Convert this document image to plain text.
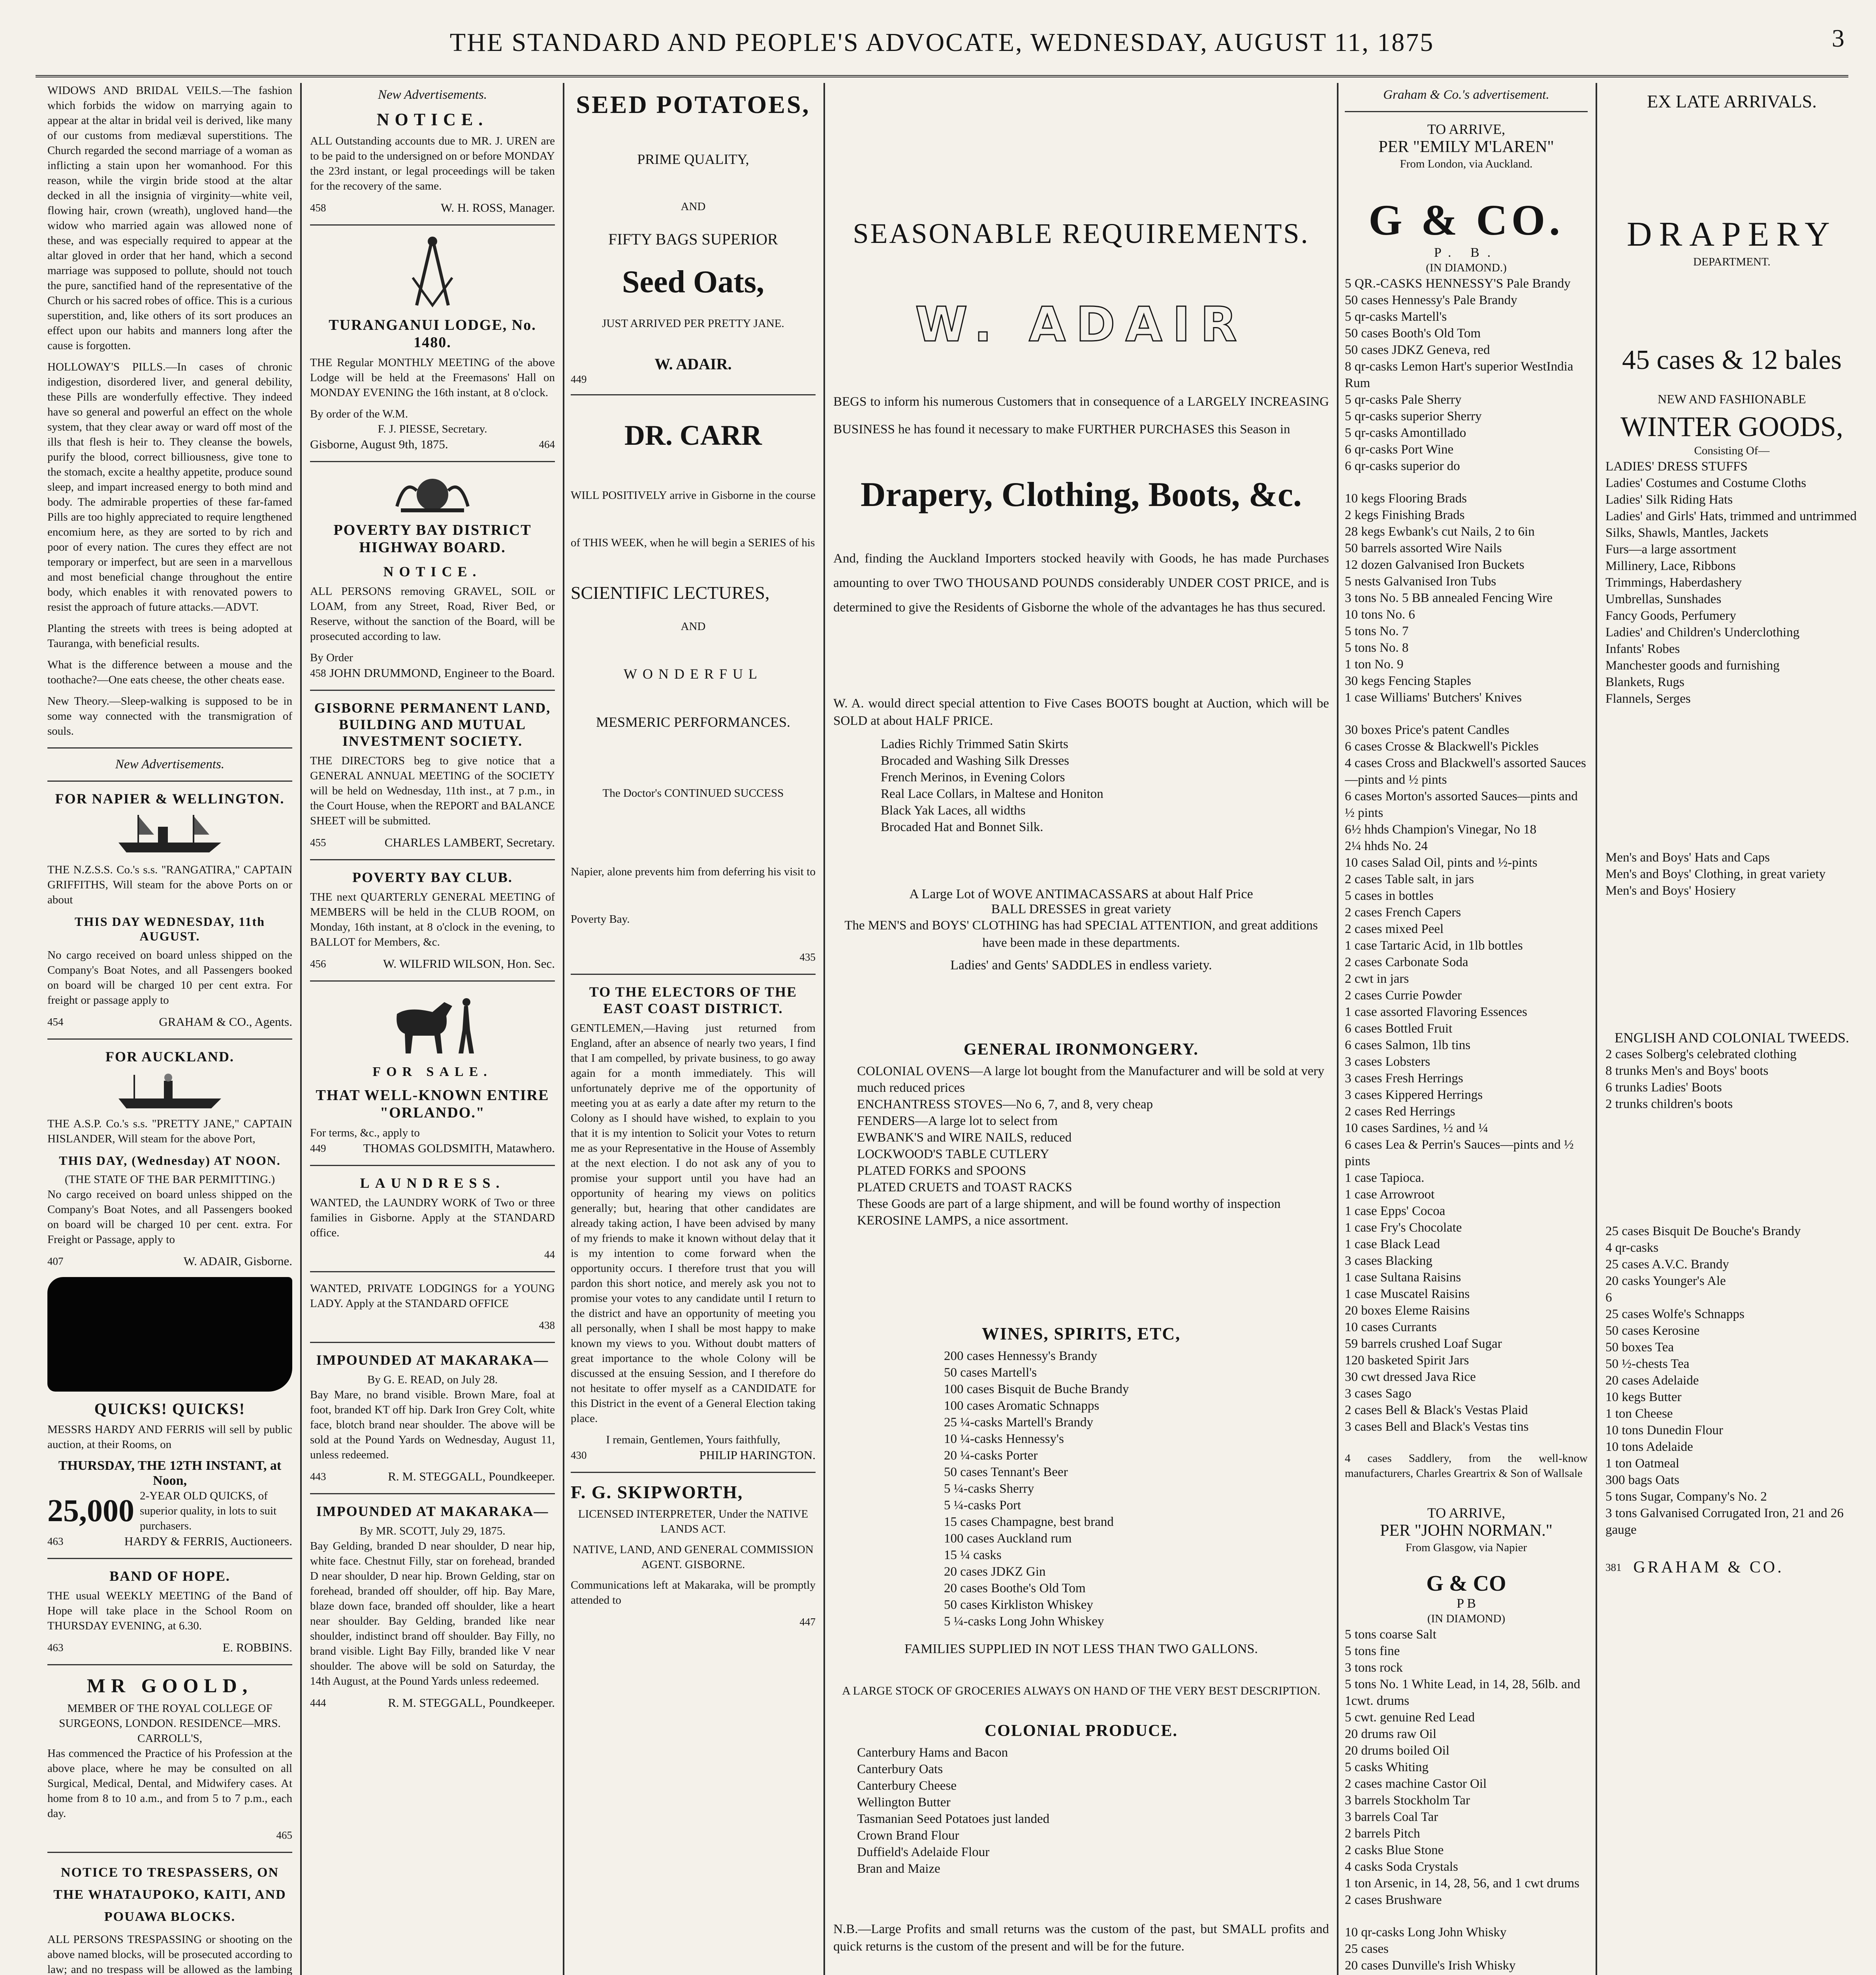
THE STANDARD AND PEOPLE'S ADVOCATE, WEDNESDAY, AUGUST 11, 1875	3

WIDOWS AND BRIDAL VEILS.—The fashion which forbids the widow on marrying again to appear at the altar in bridal veil is derived, like many of our customs from mediæval superstitions. The Church regarded the second marriage of a woman as inflicting a stain upon her womanhood. For this reason, while the virgin bride stood at the altar decked in all the insignia of virginity—white veil, flowing hair, crown (wreath), ungloved hand—the widow who married again was allowed none of these, and was especially required to appear at the altar gloved in order that her hand, which a second marriage was supposed to pollute, should not touch the pure, sanctified hand of the representative of the Church or his sacred robes of office. This is a curious superstition, and, like others of its sort produces an effect upon our habits and manners long after the cause is forgotten.

HOLLOWAY'S PILLS.—In cases of chronic indigestion, disordered liver, and general debility, these Pills are wonderfully effective. They indeed have so general and powerful an effect on the whole system, that they clear away or ward off most of the ills that flesh is heir to. They cleanse the bowels, purify the blood, correct billiousness, give tone to the stomach, excite a healthy appetite, produce sound sleep, and impart increased energy to both mind and body. The admirable properties of these far-famed Pills are too highly appreciated to require lengthened encomium here, as they are sorted to by rich and poor of every nation. The cures they effect are not temporary or imperfect, but are seen in a marvellous and most beneficial change throughout the entire body, which enables it with renovated powers to resist the approach of future attacks.—ADVT.

Planting the streets with trees is being adopted at Tauranga, with beneficial results.

What is the difference between a mouse and the toothache?—One eats cheese, the other cheats ease.

New Theory.—Sleep-walking is supposed to be in some way connected with the transmigration of souls.

New Advertisements.
FOR NAPIER & WELLINGTON.

THE N.Z.S.S. Co.'s s.s. "RANGATIRA," CAPTAIN GRIFFITHS, Will steam for the above Ports on or about

THIS DAY WEDNESDAY, 11th AUGUST.

No cargo received on board unless shipped on the Company's Boat Notes, and all Passengers booked on board will be charged 10 per cent extra. For freight or passage apply to

454	GRAHAM & CO., Agents.
FOR AUCKLAND.

THE A.S.P. Co.'s s.s. "PRETTY JANE," CAPTAIN HISLANDER, Will steam for the above Port,

THIS DAY, (Wednesday) AT NOON.
(THE STATE OF THE BAR PERMITTING.)

No cargo received on board unless shipped on the Company's Boat Notes, and all Passengers booked on board will be charged 10 per cent. extra. For Freight or Passage, apply to

407	W. ADAIR, Gisborne.
QUICKS! QUICKS!

MESSRS HARDY AND FERRIS will sell by public auction, at their Rooms, on

THURSDAY, THE 12TH INSTANT, at Noon,
25,000 2-YEAR OLD QUICKS, of superior quality, in lots to suit purchasers.
463	HARDY & FERRIS, Auctioneers.
BAND OF HOPE.

THE usual WEEKLY MEETING of the Band of Hope will take place in the School Room on THURSDAY EVENING, at 6.30.

463	E. ROBBINS.
MR GOOLD,
MEMBER OF THE ROYAL COLLEGE OF SURGEONS, LONDON. RESIDENCE—MRS. CARROLL'S,

Has commenced the Practice of his Profession at the above place, where he may be consulted on all Surgical, Medical, Dental, and Midwifery cases. At home from 8 to 10 a.m., and from 5 to 7 p.m., each day.

465
NOTICE TO TRESPASSERS, ON THE WHATAUPOKO, KAITI, AND POUAWA BLOCKS.

ALL PERSONS TRESPASSING or shooting on the above named blocks, will be prosecuted according to law; and no trespass will be allowed as the lambing

New Advertisements.
NOTICE.

ALL Outstanding accounts due to MR. J. UREN are to be paid to the undersigned on or before MONDAY the 23rd instant, or legal proceedings will be taken for the recovery of the same.

458	W. H. ROSS, Manager.
TURANGANUI LODGE, No. 1480.

THE Regular MONTHLY MEETING of the above Lodge will be held at the Freemasons' Hall on MONDAY EVENING the 16th instant, at 8 o'clock.

By order of the W.M.
F. J. PIESSE, Secretary.
Gisborne, August 9th, 1875.	464
POVERTY BAY DISTRICT HIGHWAY BOARD.
NOTICE.

ALL PERSONS removing GRAVEL, SOIL or LOAM, from any Street, Road, River Bed, or Reserve, without the sanction of the Board, will be prosecuted according to law.

By Order
458 JOHN DRUMMOND, Engineer to the Board.
GISBORNE PERMANENT LAND, BUILDING AND MUTUAL INVESTMENT SOCIETY.

THE DIRECTORS beg to give notice that a GENERAL ANNUAL MEETING of the SOCIETY will be held on Wednesday, 11th inst., at 7 p.m., in the Court House, when the REPORT and BALANCE SHEET will be submitted.

455	CHARLES LAMBERT, Secretary.
POVERTY BAY CLUB.

THE next QUARTERLY GENERAL MEETING of MEMBERS will be held in the CLUB ROOM, on Monday, 16th instant, at 8 o'clock in the evening, to BALLOT for Members, &c.

456	W. WILFRID WILSON, Hon. Sec.
FOR SALE.
THAT WELL-KNOWN ENTIRE "ORLANDO."
For terms, &c., apply to
449	THOMAS GOLDSMITH, Matawhero.
LAUNDRESS.

WANTED, the LAUNDRY WORK of Two or three families in Gisborne. Apply at the STANDARD office.

44

WANTED, PRIVATE LODGINGS for a YOUNG LADY. Apply at the STANDARD OFFICE

438
IMPOUNDED AT MAKARAKA—
By G. E. READ, on July 28.

Bay Mare, no brand visible. Brown Mare, foal at foot, branded KT off hip. Dark Iron Grey Colt, white face, blotch brand near shoulder. The above will be sold at the Pound Yards on Wednesday, August 11, unless redeemed.

443	R. M. STEGGALL, Poundkeeper.
IMPOUNDED AT MAKARAKA—
By MR. SCOTT, July 29, 1875.

Bay Gelding, branded D near shoulder, D near hip, white face. Chestnut Filly, star on forehead, branded D near shoulder, D near hip. Brown Gelding, star on forehead, branded off shoulder, off hip. Bay Mare, blaze down face, branded off shoulder, like a heart near shoulder. Bay Gelding, branded like near shoulder, indistinct brand off shoulder. Bay Filly, no brand visible. Light Bay Filly, branded like V near shoulder. The above will be sold on Saturday, the 14th August, at the Pound Yards unless redeemed.

444	R. M. STEGGALL, Poundkeeper.
SEED POTATOES,
PRIME QUALITY,
AND
FIFTY BAGS SUPERIOR
Seed Oats,
JUST ARRIVED PER PRETTY JANE.
W. ADAIR.
449
DR. CARR

WILL POSITIVELY arrive in Gisborne in the course of THIS WEEK, when he will begin a SERIES of his

SCIENTIFIC LECTURES,
AND
WONDERFUL
MESMERIC PERFORMANCES.
The Doctor's CONTINUED SUCCESS

Napier, alone prevents him from deferring his visit to Poverty Bay.

435
TO THE ELECTORS OF THE EAST COAST DISTRICT.

GENTLEMEN,—Having just returned from England, after an absence of nearly two years, I find that I am compelled, by private business, to go away again for a month immediately. This will unfortunately deprive me of the opportunity of meeting you at as early a date after my return to the Colony as I should have wished, to explain to you that it is my intention to Solicit your Votes to return me as your Representative in the House of Assembly at the next election. I do not ask any of you to promise your support until you have had an opportunity of hearing my views on politics generally; but, hearing that other candidates are already taking action, I have been advised by many of my friends to make it known without delay that it is my intention to come forward when the opportunity occurs. I therefore trust that you will pardon this short notice, and merely ask you not to promise your votes to any candidate until I return to the district and have an opportunity of meeting you all personally, when I shall be most happy to make known my views to you. Without doubt matters of great importance to the whole Colony will be discussed at the ensuing Session, and I therefore do not hesitate to offer myself as a CANDIDATE for this District in the event of a General Election taking place.

I remain, Gentlemen, Yours faithfully,
430	PHILIP HARINGTON.
F. G. SKIPWORTH,
LICENSED INTERPRETER, Under the NATIVE LANDS ACT.
NATIVE, LAND, AND GENERAL COMMISSION AGENT. GISBORNE.

Communications left at Makaraka, will be promptly attended to

447
SEASONABLE REQUIREMENTS.
W. ADAIR

BEGS to inform his numerous Customers that in consequence of a LARGELY INCREASING BUSINESS he has found it necessary to make FURTHER PURCHASES this Season in

Drapery, Clothing, Boots, &c.

And, finding the Auckland Importers stocked heavily with Goods, he has made Purchases amounting to over TWO THOUSAND POUNDS considerably UNDER COST PRICE, and is determined to give the Residents of Gisborne the whole of the advantages he has thus secured.

W. A. would direct special attention to Five Cases BOOTS bought at Auction, which will be SOLD at about HALF PRICE.

Ladies Richly Trimmed Satin Skirts
Brocaded and Washing Silk Dresses
French Merinos, in Evening Colors
Real Lace Collars, in Maltese and Honiton
Black Yak Laces, all widths
Brocaded Hat and Bonnet Silk.
A Large Lot of WOVE ANTIMACASSARS at about Half Price
BALL DRESSES in great variety

The MEN'S and BOYS' CLOTHING has had SPECIAL ATTENTION, and great additions have been made in these departments.

Ladies' and Gents' SADDLES in endless variety.
GENERAL IRONMONGERY.
COLONIAL OVENS—A large lot bought from the Manufacturer and will be sold at very much reduced prices
ENCHANTRESS STOVES—No 6, 7, and 8, very cheap
FENDERS—A large lot to select from
EWBANK'S and WIRE NAILS, reduced
LOCKWOOD'S TABLE CUTLERY
PLATED FORKS and SPOONS
PLATED CRUETS and TOAST RACKS
These Goods are part of a large shipment, and will be found worthy of inspection
KEROSINE LAMPS, a nice assortment.
WINES, SPIRITS, ETC,
200 cases Hennessy's Brandy
50 cases Martell's
100 cases Bisquit de Buche Brandy
100 cases Aromatic Schnapps
25 ¼-casks Martell's Brandy
10 ¼-casks Hennessy's
20 ¼-casks Porter
50 cases Tennant's Beer
5 ¼-casks Sherry
5 ¼-casks Port
15 cases Champagne, best brand
100 cases Auckland rum
15 ¼ casks
20 cases JDKZ Gin
20 cases Boothe's Old Tom
50 cases Kirkliston Whiskey
5 ¼-casks Long John Whiskey
FAMILIES SUPPLIED IN NOT LESS THAN TWO GALLONS.
A LARGE STOCK OF GROCERIES ALWAYS ON HAND OF THE VERY BEST DESCRIPTION.
COLONIAL PRODUCE.
Canterbury Hams and Bacon
Canterbury Oats
Canterbury Cheese
Wellington Butter
Tasmanian Seed Potatoes just landed
Crown Brand Flour
Duffield's Adelaide Flour
Bran and Maize

N.B.—Large Profits and small returns was the custom of the past, but SMALL profits and quick returns is the custom of the present and will be for the future.

Graham & Co.'s advertisement.
TO ARRIVE,
PER "EMILY M'LAREN"
From London, via Auckland.
G & CO.
P. B.
(IN DIAMOND.)
5 QR.-CASKS HENNESSY'S Pale Brandy
50 cases Hennessy's Pale Brandy
5 qr-casks Martell's
50 cases Booth's Old Tom
50 cases JDKZ Geneva, red
8 qr-casks Lemon Hart's superior WestIndia Rum
5 qr-casks Pale Sherry
5 qr-casks superior Sherry
5 qr-casks Amontillado
6 qr-casks Port Wine
6 qr-casks superior do
10 kegs Flooring Brads
2 kegs Finishing Brads
28 kegs Ewbank's cut Nails, 2 to 6in
50 barrels assorted Wire Nails
12 dozen Galvanised Iron Buckets
5 nests Galvanised Iron Tubs
3 tons No. 5 BB annealed Fencing Wire
10 tons No. 6
5 tons No. 7
5 tons No. 8
1 ton No. 9
30 kegs Fencing Staples
1 case Williams' Butchers' Knives
30 boxes Price's patent Candles
6 cases Crosse & Blackwell's Pickles
4 cases Cross and Blackwell's assorted Sauces—pints and ½ pints
6 cases Morton's assorted Sauces—pints and ½ pints
6½ hhds Champion's Vinegar, No 18
2¼ hhds No. 24
10 cases Salad Oil, pints and ½-pints
2 cases Table salt, in jars
5 cases in bottles
2 cases French Capers
2 cases mixed Peel
1 case Tartaric Acid, in 1lb bottles
2 cases Carbonate Soda
2 cwt in jars
2 cases Currie Powder
1 case assorted Flavoring Essences
6 cases Bottled Fruit
6 cases Salmon, 1lb tins
3 cases Lobsters
3 cases Fresh Herrings
3 cases Kippered Herrings
2 cases Red Herrings
10 cases Sardines, ½ and ¼
6 cases Lea & Perrin's Sauces—pints and ½ pints
1 case Tapioca.
1 case Arrowroot
1 case Epps' Cocoa
1 case Fry's Chocolate
1 case Black Lead
3 cases Blacking
1 case Sultana Raisins
1 case Muscatel Raisins
20 boxes Eleme Raisins
10 cases Currants
59 barrels crushed Loaf Sugar
120 basketed Spirit Jars
30 cwt dressed Java Rice
3 cases Sago
2 cases Bell & Black's Vestas Plaid
3 cases Bell and Black's Vestas tins

4 cases Saddlery, from the well-know manufacturers, Charles Greartrix & Son of Wallsale

TO ARRIVE,
PER "JOHN NORMAN."
From Glasgow, via Napier
G & CO
P B
(IN DIAMOND)
5 tons coarse Salt
5 tons fine
3 tons rock
5 tons No. 1 White Lead, in 14, 28, 56lb. and 1cwt. drums
5 cwt. genuine Red Lead
20 drums raw Oil
20 drums boiled Oil
5 casks Whiting
2 cases machine Castor Oil
3 barrels Stockholm Tar
3 barrels Coal Tar
2 barrels Pitch
2 casks Blue Stone
4 casks Soda Crystals
1 ton Arsenic, in 14, 28, 56, and 1 cwt drums
2 cases Brushware
10 qr-casks Long John Whisky
25 cases
20 cases Dunville's Irish Whisky
EX LATE ARRIVALS.
DRAPERY
DEPARTMENT.
45 cases & 12 bales
NEW AND FASHIONABLE
WINTER GOODS,
Consisting Of—
LADIES' DRESS STUFFS
Ladies' Costumes and Costume Cloths
Ladies' Silk Riding Hats
Ladies' and Girls' Hats, trimmed and untrimmed
Silks, Shawls, Mantles, Jackets
Furs—a large assortment
Millinery, Lace, Ribbons
Trimmings, Haberdashery
Umbrellas, Sunshades
Fancy Goods, Perfumery
Ladies' and Children's Underclothing
Infants' Robes
Manchester goods and furnishing
Blankets, Rugs
Flannels, Serges
Men's and Boys' Hats and Caps
Men's and Boys' Clothing, in great variety
Men's and Boys' Hosiery
ENGLISH AND COLONIAL TWEEDS.
2 cases Solberg's celebrated clothing
8 trunks Men's and Boys' boots
6 trunks Ladies' Boots
2 trunks children's boots
25 cases Bisquit De Bouche's Brandy
4 qr-casks
25 cases A.V.C. Brandy
20 casks Younger's Ale
6
25 cases Wolfe's Schnapps
50 cases Kerosine
50 boxes Tea
50 ½-chests Tea
20 cases Adelaide
10 kegs Butter
1 ton Cheese
10 tons Dunedin Flour
10 tons Adelaide
1 ton Oatmeal
300 bags Oats
5 tons Sugar, Company's No. 2
3 tons Galvanised Corrugated Iron, 21 and 26 gauge
381 GRAHAM & CO.
